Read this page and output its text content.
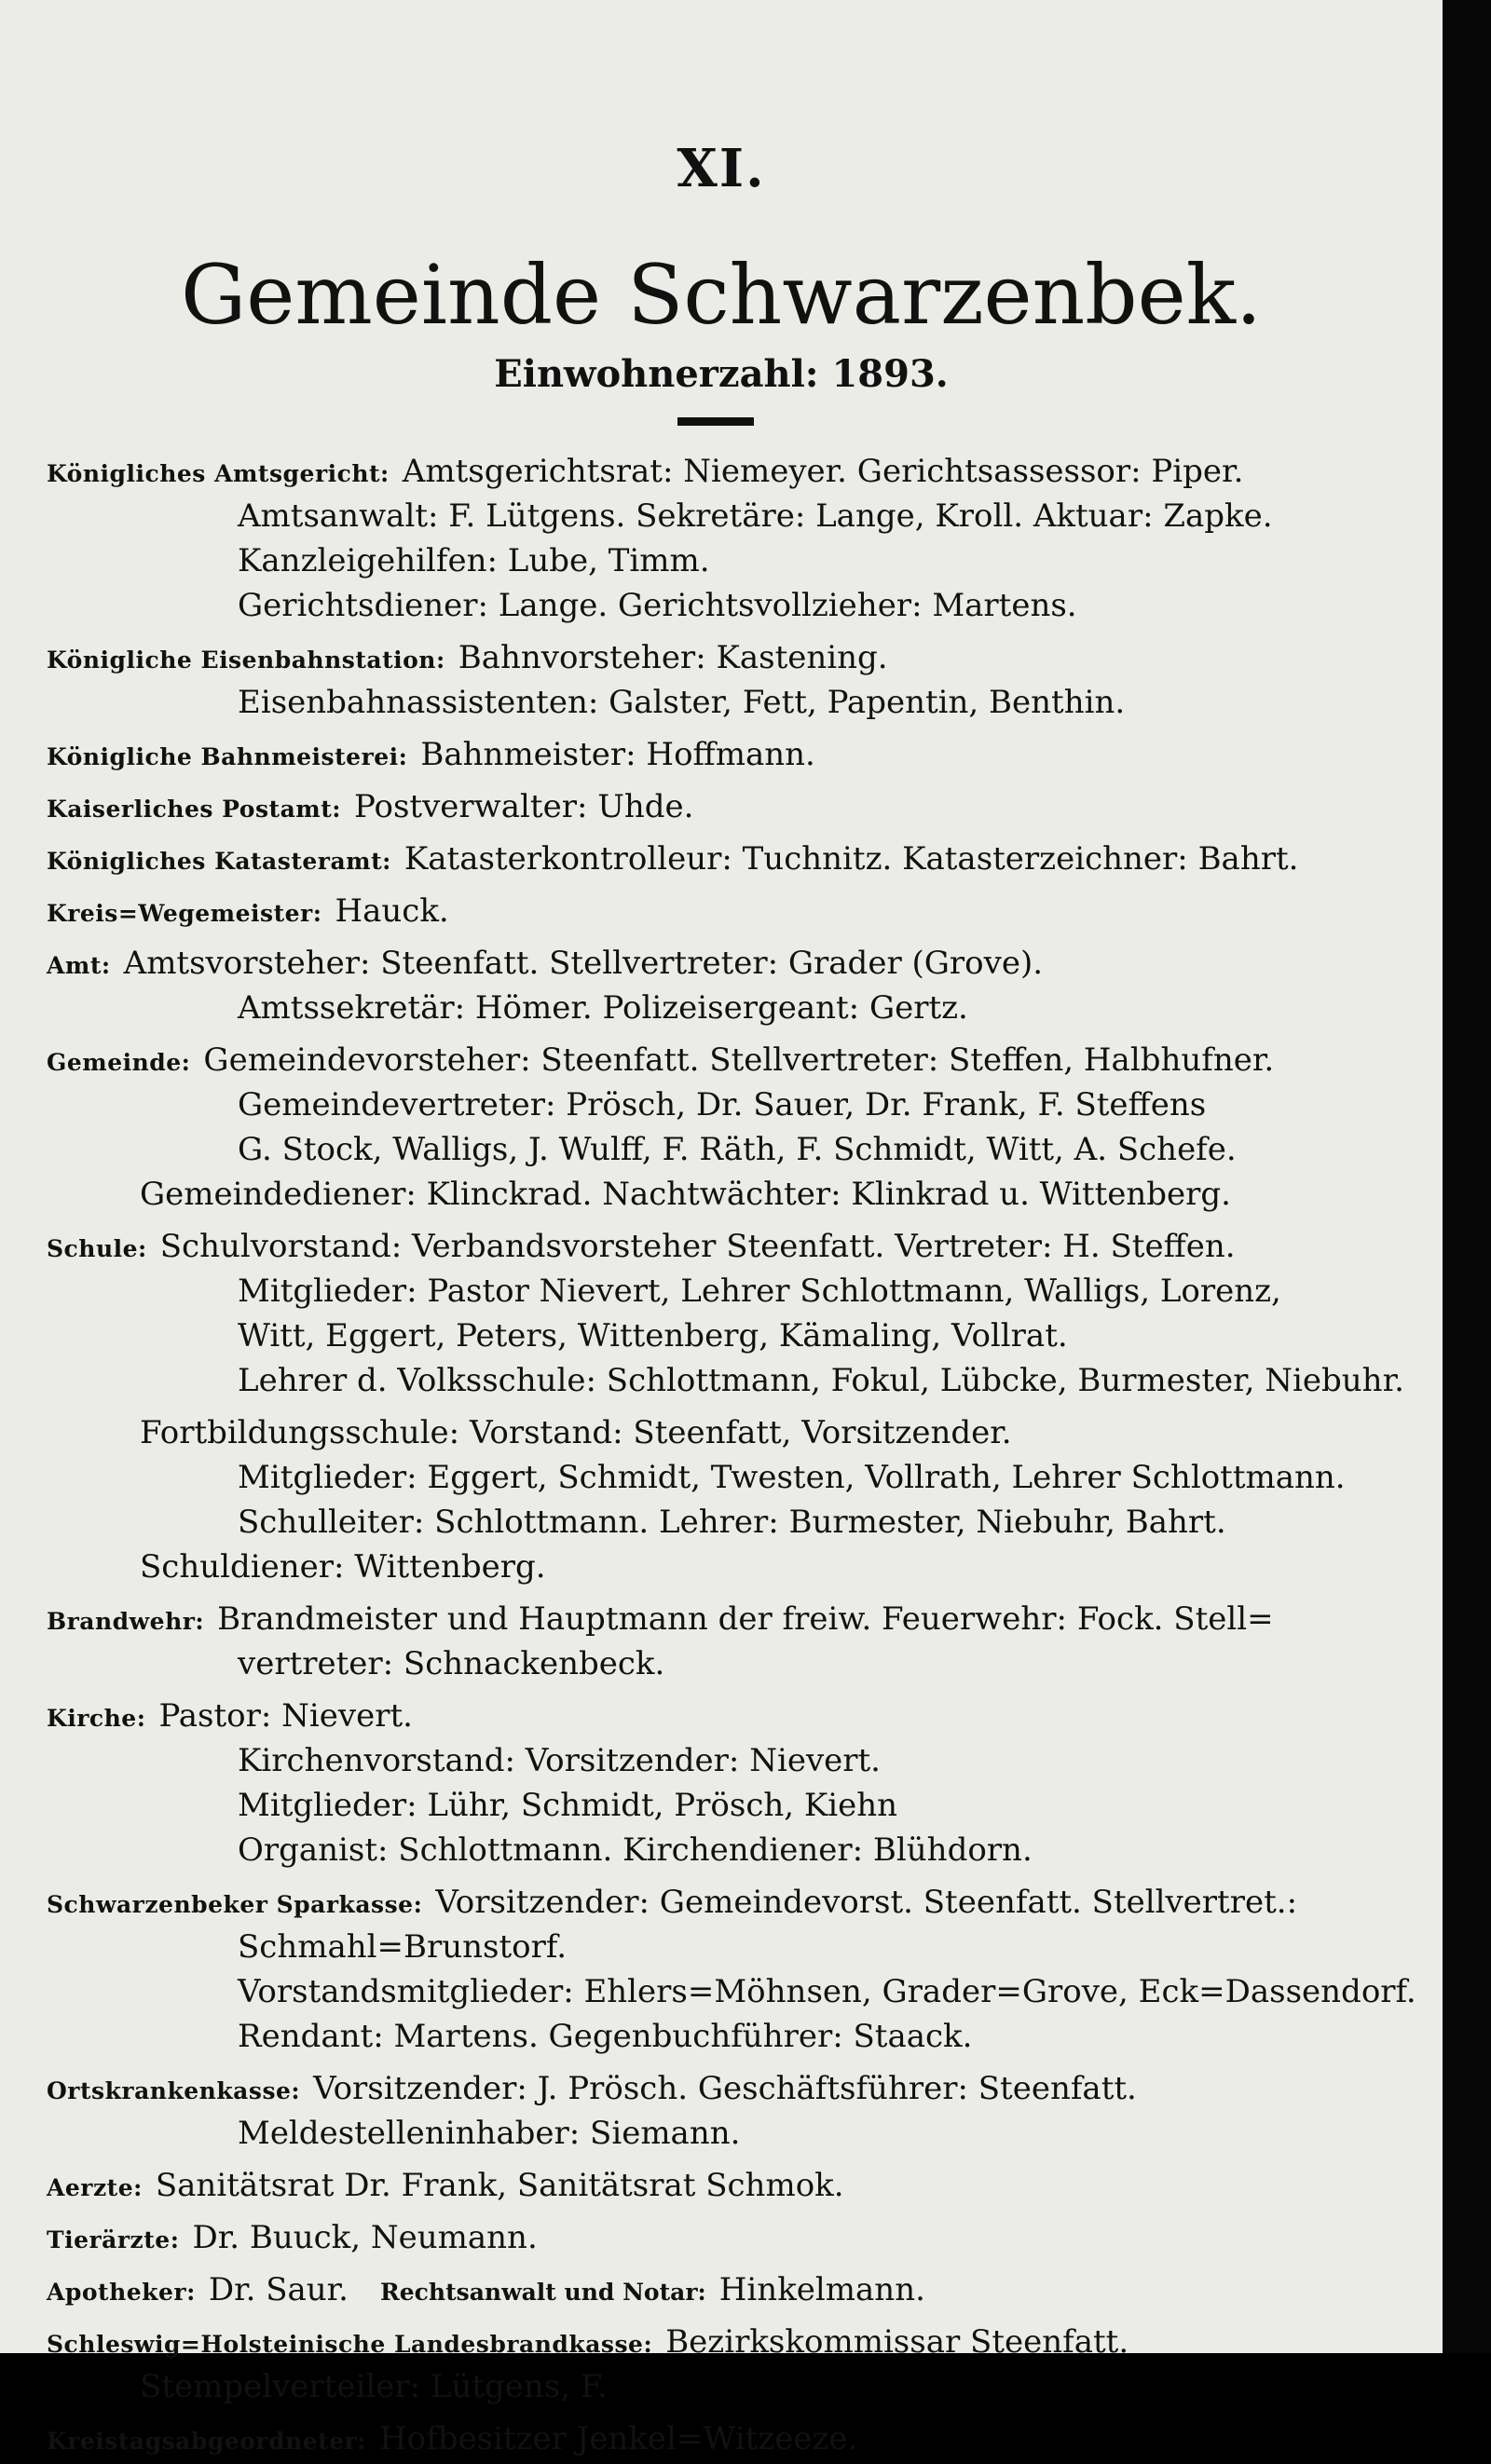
XI.
Gemeinde Schwarzenbek.
Einwohnerzahl: 1893.
Königliches Amtsgericht: Amtsgerichtsrat: Niemeyer. Gerichtsassessor: Piper.
Amtsanwalt: F. Lütgens. Sekretäre: Lange, Kroll. Aktuar: Zapke.
Kanzleigehilfen: Lube, Timm.
Gerichtsdiener: Lange. Gerichtsvollzieher: Martens.
Königliche Eisenbahnstation: Bahnvorsteher: Kastening.
Eisenbahnassistenten: Galster, Fett, Papentin, Benthin.
Königliche Bahnmeisterei: Bahnmeister: Hoffmann.
Kaiserliches Postamt: Postverwalter: Uhde.
Königliches Katasteramt: Katasterkontrolleur: Tuchnitz. Katasterzeichner: Bahrt.
Kreis=Wegemeister: Hauck.
Amt: Amtsvorsteher: Steenfatt. Stellvertreter: Grader (Grove).
Amtssekretär: Hömer. Polizeisergeant: Gertz.
Gemeinde: Gemeindevorsteher: Steenfatt. Stellvertreter: Steffen, Halbhufner.
Gemeindevertreter: Prösch, Dr. Sauer, Dr. Frank, F. Steffens
G. Stock, Walligs, J. Wulff, F. Räth, F. Schmidt, Witt, A. Schefe.
Gemeindediener: Klinckrad. Nachtwächter: Klinkrad u. Wittenberg.
Schule: Schulvorstand: Verbandsvorsteher Steenfatt. Vertreter: H. Steffen.
Mitglieder: Pastor Nievert, Lehrer Schlottmann, Walligs, Lorenz,
Witt, Eggert, Peters, Wittenberg, Kämaling, Vollrat.
Lehrer d. Volksschule: Schlottmann, Fokul, Lübcke, Burmester, Niebuhr.
Fortbildungsschule: Vorstand: Steenfatt, Vorsitzender.
Mitglieder: Eggert, Schmidt, Twesten, Vollrath, Lehrer Schlottmann.
Schulleiter: Schlottmann. Lehrer: Burmester, Niebuhr, Bahrt.
Schuldiener: Wittenberg.
Brandwehr: Brandmeister und Hauptmann der freiw. Feuerwehr: Fock. Stell=
vertreter: Schnackenbeck.
Kirche: Pastor: Nievert.
Kirchenvorstand: Vorsitzender: Nievert.
Mitglieder: Lühr, Schmidt, Prösch, Kiehn
Organist: Schlottmann. Kirchendiener: Blühdorn.
Schwarzenbeker Sparkasse: Vorsitzender: Gemeindevorst. Steenfatt. Stellvertret.:
Schmahl=Brunstorf.
Vorstandsmitglieder: Ehlers=Möhnsen, Grader=Grove, Eck=Dassendorf.
Rendant: Martens. Gegenbuchführer: Staack.
Ortskrankenkasse: Vorsitzender: J. Prösch. Geschäftsführer: Steenfatt.
Meldestelleninhaber: Siemann.
Aerzte: Sanitätsrat Dr. Frank, Sanitätsrat Schmok.
Tierärzte: Dr. Buuck, Neumann.
Apotheker: Dr. Saur. Rechtsanwalt und Notar: Hinkelmann.
Schleswig=Holsteinische Landesbrandkasse: Bezirkskommissar Steenfatt.
Stempelverteiler: Lütgens, F.
Kreistagsabgeordneter: Hofbesitzer Jenkel=Witzeeze.
